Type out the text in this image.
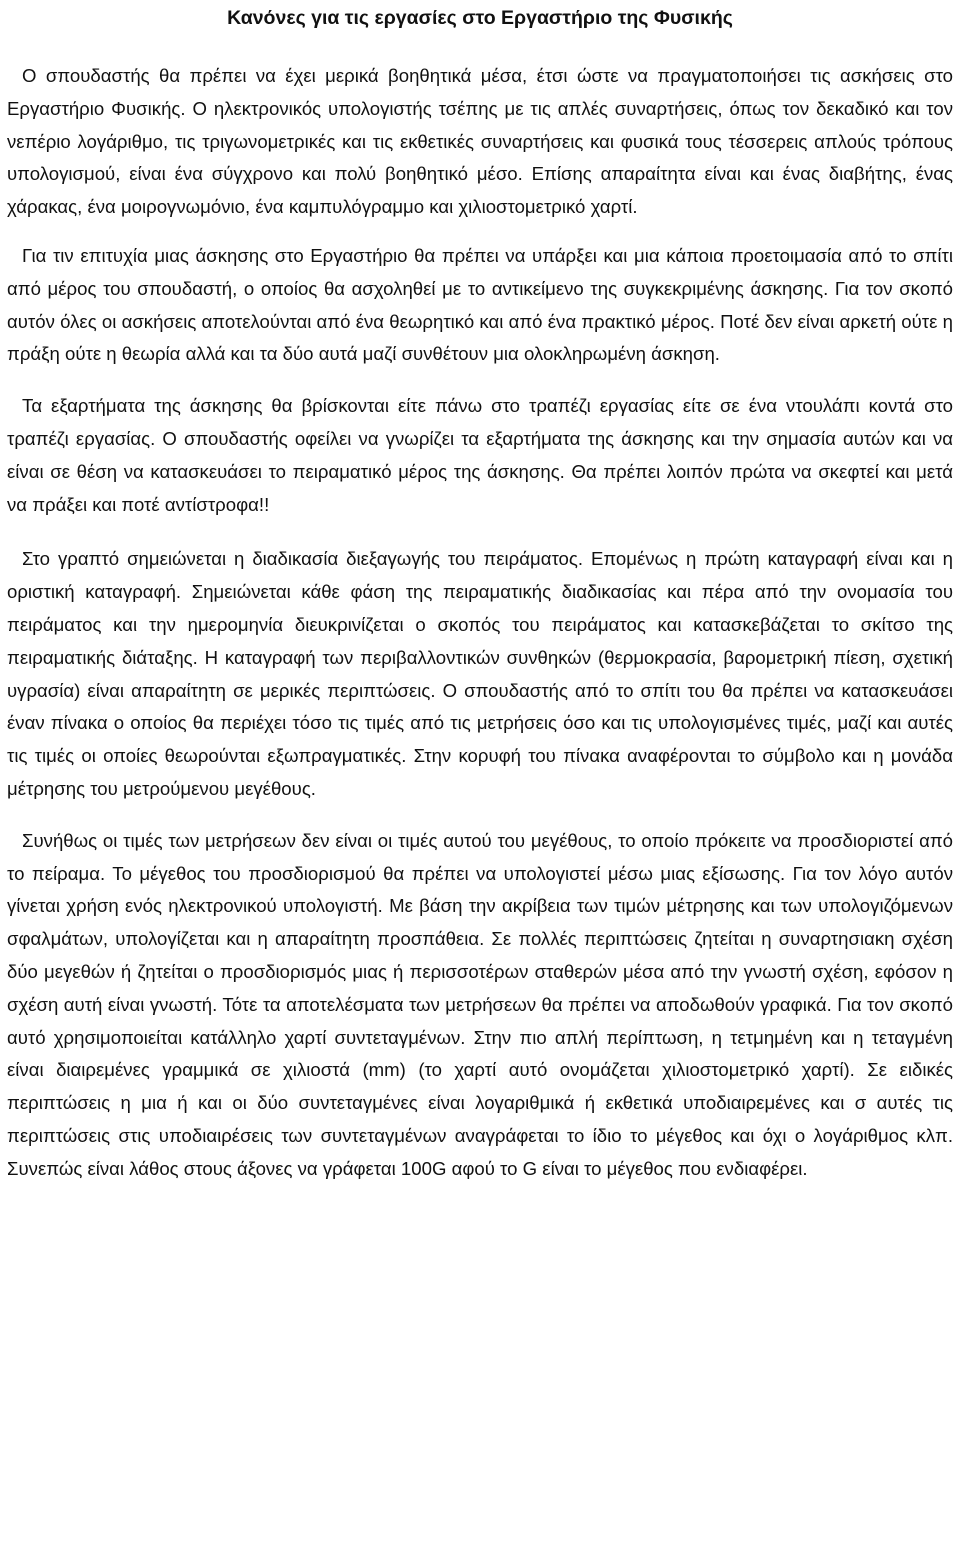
Κανόνες για τις εργασίες στο Εργαστήριο της Φυσικής

Ο σπουδαστής θα πρέπει να έχει μερικά βοηθητικά μέσα, έτσι ώστε να πραγματοποιήσει τις ασκήσεις στο Εργαστήριο Φυσικής. Ο ηλεκτρονικός υπολογιστής τσέπης με τις απλές συναρτήσεις, όπως τον δεκαδικό και τον νεπέριο λογάριθμο, τις τριγωνομετρικές και τις εκθετικές συναρτήσεις και φυσικά τους τέσσερεις απλούς τρόπους υπολογισμού, είναι ένα σύγχρονο και πολύ βοηθητικό μέσο. Επίσης απαραίτητα είναι και ένας διαβήτης, ένας χάρακας, ένα μοιρογνωμόνιο, ένα καμπυλόγραμμο και χιλιοστομετρικό χαρτί.

Για τιν επιτυχία μιας άσκησης στο Εργαστήριο θα πρέπει να υπάρξει και μια κάποια προετοιμασία από το σπίτι από μέρος του σπουδαστή, ο οποίος θα ασχοληθεί με το αντικείμενο της συγκεκριμένης άσκησης. Για τον σκοπό αυτόν όλες οι ασκήσεις αποτελούνται από ένα θεωρητικό και από ένα πρακτικό μέρος. Ποτέ δεν είναι αρκετή ούτε η πράξη ούτε η θεωρία αλλά και τα δύο αυτά μαζί συνθέτουν μια ολοκληρωμένη άσκηση.

Τα εξαρτήματα της άσκησης θα βρίσκονται είτε πάνω στο τραπέζι εργασίας είτε σε ένα ντουλάπι κοντά στο τραπέζι εργασίας. Ο σπουδαστής οφείλει να γνωρίζει τα εξαρτήματα της άσκησης και την σημασία αυτών και να είναι σε θέση να κατασκευάσει το πειραματικό μέρος της άσκησης. Θα πρέπει λοιπόν πρώτα να σκεφτεί και μετά να πράξει και ποτέ αντίστροφα!!

Στο γραπτό σημειώνεται η διαδικασία διεξαγωγής του πειράματος. Επομένως η πρώτη καταγραφή είναι και η οριστική καταγραφή. Σημειώνεται κάθε φάση της πειραματικής διαδικασίας και πέρα από την ονομασία του πειράματος και την ημερομηνία διευκρινίζεται ο σκοπός του πειράματος και κατασκεβάζεται το σκίτσο της πειραματικής διάταξης. Η καταγραφή των περιβαλλοντικών συνθηκών (θερμοκρασία, βαρομετρική πίεση, σχετική υγρασία) είναι απαραίτητη σε μερικές περιπτώσεις. Ο σπουδαστής από το σπίτι του θα πρέπει να κατασκευάσει έναν πίνακα ο οποίος θα περιέχει τόσο τις τιμές από τις μετρήσεις όσο και τις υπολογισμένες τιμές, μαζί και αυτές τις τιμές οι οποίες θεωρούνται εξωπραγματικές. Στην κορυφή του πίνακα αναφέρονται το σύμβολο και η μονάδα μέτρησης του μετρούμενου μεγέθους.

Συνήθως οι τιμές των μετρήσεων δεν είναι οι τιμές αυτού του μεγέθους, το οποίο πρόκειτε να προσδιοριστεί από το πείραμα. Το μέγεθος του προσδιορισμού θα πρέπει να υπολογιστεί μέσω μιας εξίσωσης. Για τον λόγο αυτόν γίνεται χρήση ενός ηλεκτρονικού υπολογιστή. Με βάση την ακρίβεια των τιμών μέτρησης και των υπολογιζόμενων σφαλμάτων, υπολογίζεται και η απαραίτητη προσπάθεια. Σε πολλές περιπτώσεις ζητείται η συναρτησιακη σχέση δύο μεγεθών ή ζητείται ο προσδιορισμός μιας ή περισσοτέρων σταθερών μέσα από την γνωστή σχέση, εφόσον η σχέση αυτή είναι γνωστή. Τότε τα αποτελέσματα των μετρήσεων θα πρέπει να αποδωθούν γραφικά. Για τον σκοπό αυτό χρησιμοποιείται κατάλληλο χαρτί συντεταγμένων. Στην πιο απλή περίπτωση, η τετμημένη και η τεταγμένη είναι διαιρεμένες γραμμικά σε χιλιοστά (mm) (το χαρτί αυτό ονομάζεται χιλιοστομετρικό χαρτί). Σε ειδικές περιπτώσεις η μια ή και οι δύο συντεταγμένες είναι λογαριθμικά ή εκθετικά υποδιαιρεμένες και σ αυτές τις περιπτώσεις στις υποδιαιρέσεις των συντεταγμένων αναγράφεται το ίδιο το μέγεθος και όχι ο λογάριθμος κλπ. Συνεπώς είναι λάθος στους άξονες να γράφεται 100G αφού το G είναι το μέγεθος που ενδιαφέρει.
